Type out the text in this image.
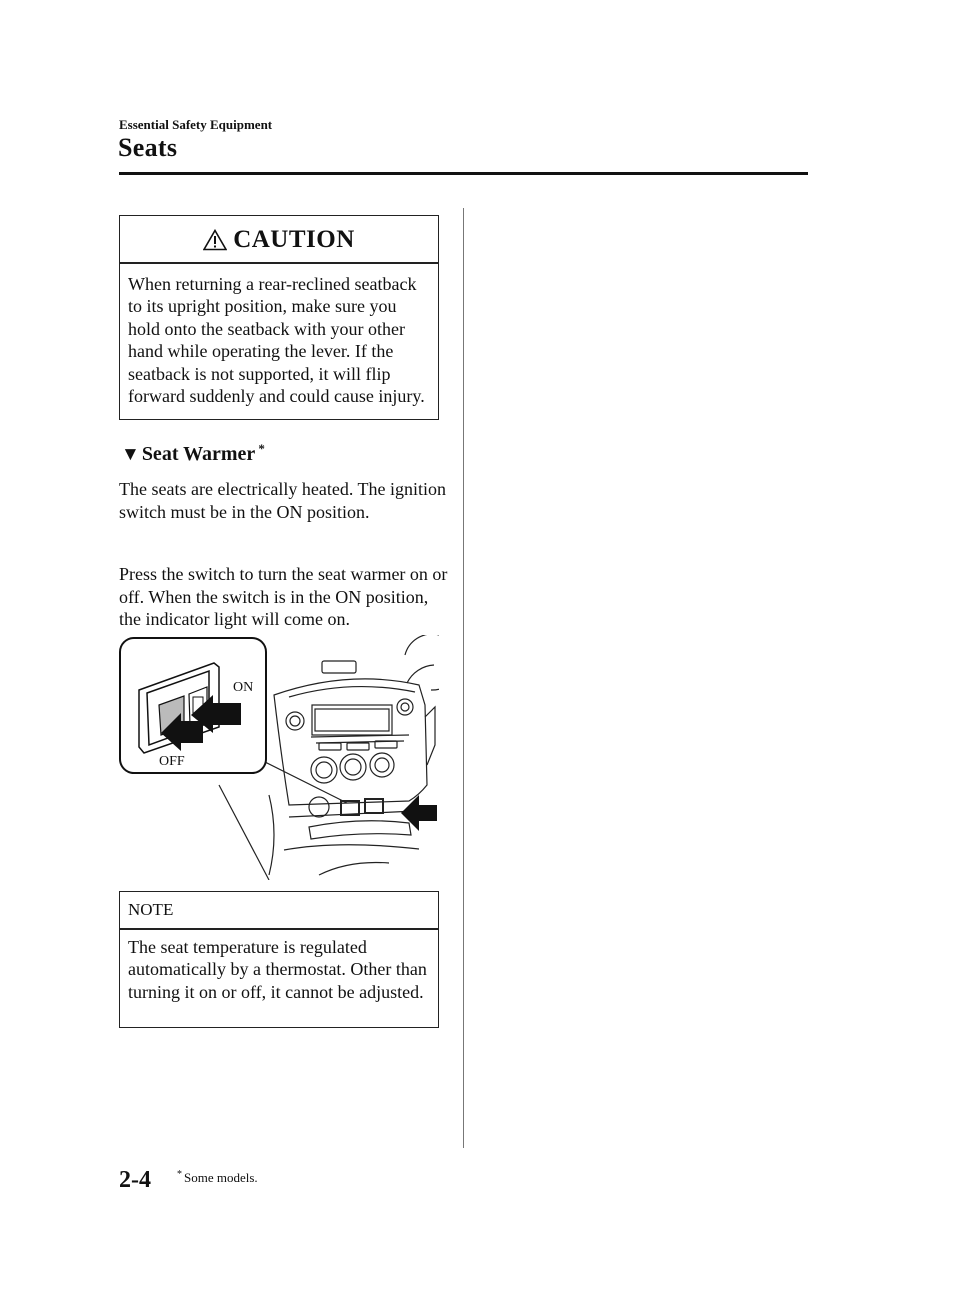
Essential Safety Equipment
Seats
CAUTION
When returning a rear-reclined seatback to its upright position, make sure you hold onto the seatback with your other hand while operating the lever. If the seatback is not supported, it will flip forward suddenly and could cause injury.
▼ Seat Warmer *
The seats are electrically heated. The ignition switch must be in the ON position.
Press the switch to turn the seat warmer on or off. When the switch is in the ON position, the indicator light will come on.
ON
OFF
NOTE
The seat temperature is regulated automatically by a thermostat. Other than turning it on or off, it cannot be adjusted.
2-4	* Some models.
